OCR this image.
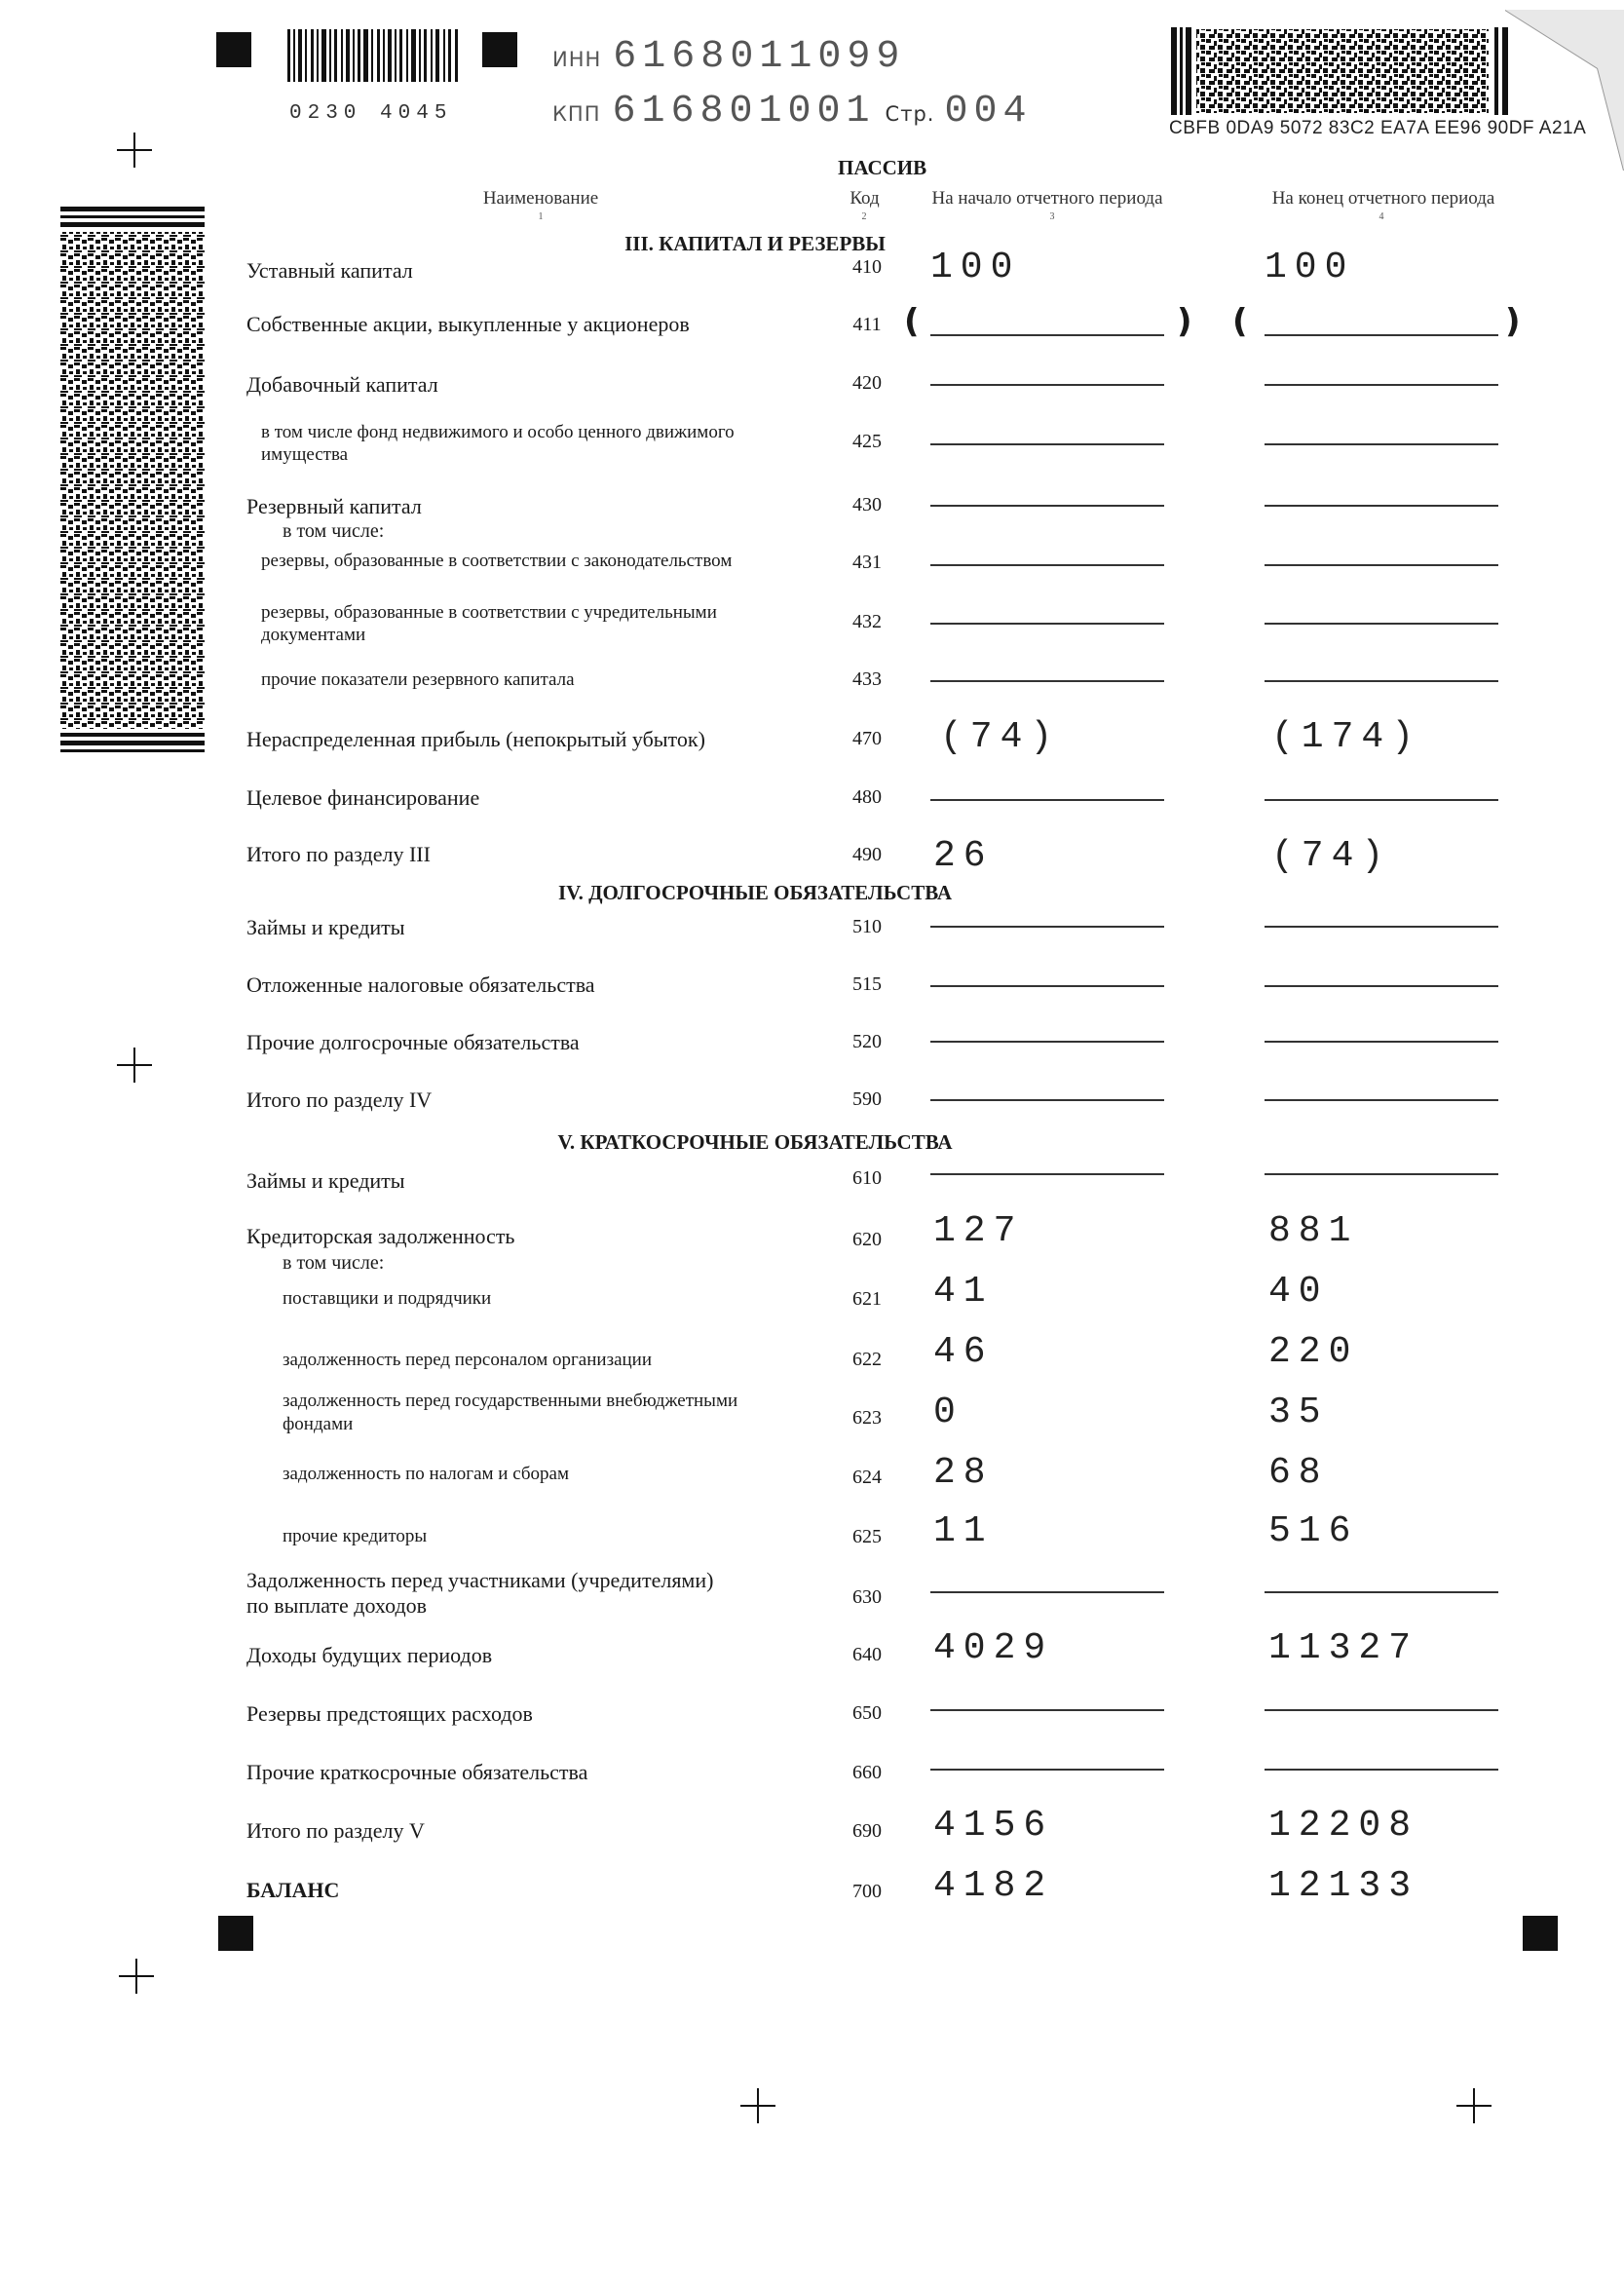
0230 4045
ИНН 6168011099
КПП 616801001 Стр. 004	CBFB 0DA9 5072 83C2 EA7A EE96 90DF A21A
ПАССИВ
Наименование	Код	На начало отчетного периода	На конец отчетного периода
1	2	3	4
III. КАПИТАЛ И РЕЗЕРВЫ
Уставный капитал	410	100	100
Собственные акции, выкупленные у акционеров	411 (	) (	)
Добавочный капитал	420
в том числе фонд недвижимого и особо ценного движимого
имущества
425
Резервный капитал
в том числе:
430
резервы, образованные в соответствии с законодательством	431
резервы, образованные в соответствии с учредительными
документами
432
прочие показатели резервного капитала	433
Нераспределенная прибыль (непокрытый убыток)	470	(74)	(174)
Целевое финансирование	480
Итого по разделу III	490	26	(74)
IV. ДОЛГОСРОЧНЫЕ ОБЯЗАТЕЛЬСТВА
Займы и кредиты	510
Отложенные налоговые обязательства	515
Прочие долгосрочные обязательства	520
Итого по разделу IV	590
V. КРАТКОСРОЧНЫЕ ОБЯЗАТЕЛЬСТВА
Займы и кредиты	610
Кредиторская задолженность
в том числе:
620	127	881
поставщики и подрядчики	621	41	40
задолженность перед персоналом организации	622	46	220
задолженность перед государственными внебюджетными
фондами	623	0	35
задолженность по налогам и сборам	624	28	68
прочие кредиторы	625	11	516
Задолженность перед участниками (учредителями)
по выплате доходов	630
Доходы будущих периодов	640	4029	11327
Резервы предстоящих расходов	650
Прочие краткосрочные обязательства	660
Итого по разделу V	690	4156	12208
БАЛАНС	700	4182	12133
